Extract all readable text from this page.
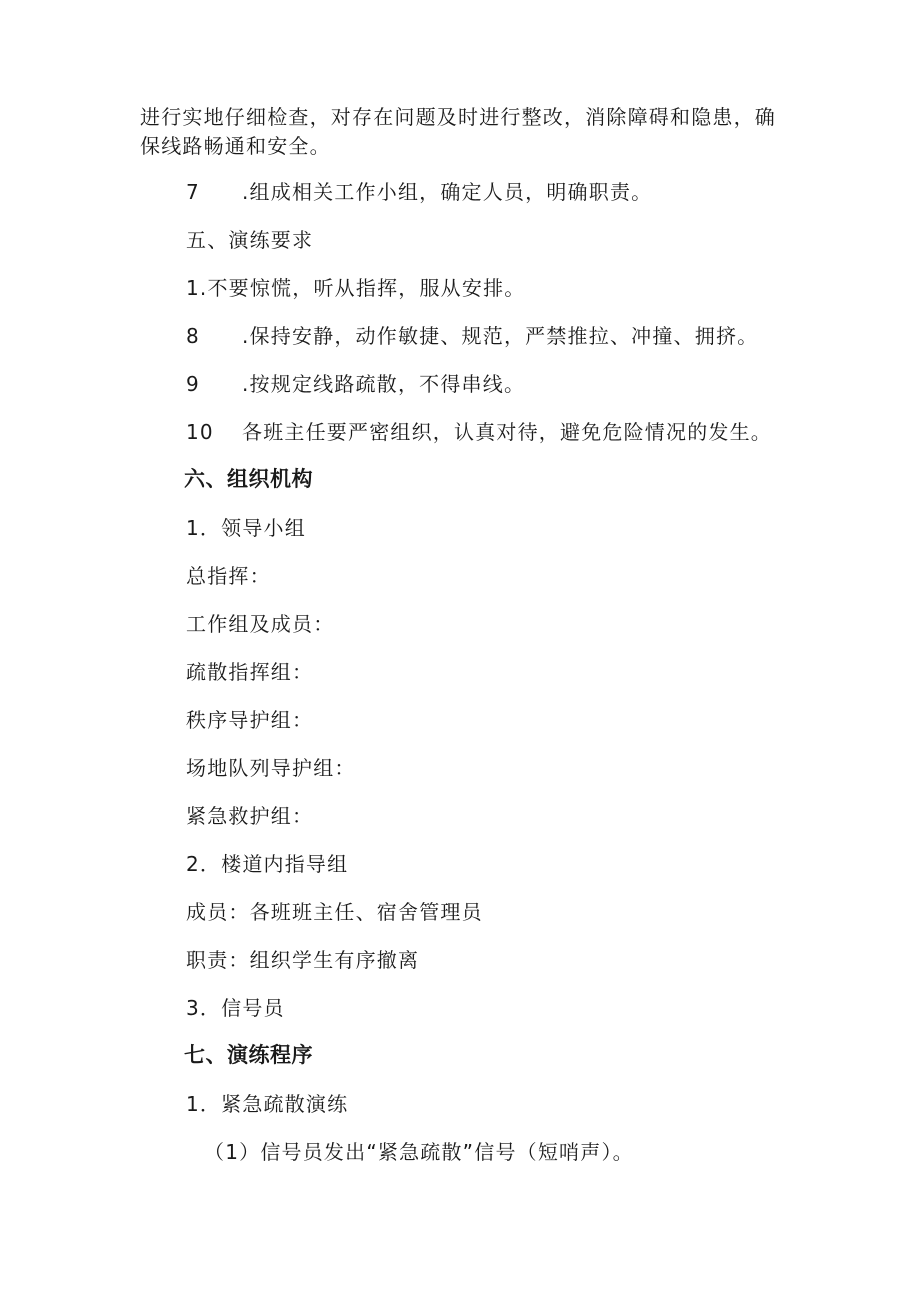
进行实地仔细检查，对存在问题及时进行整改，消除障碍和隐患，确
保线路畅通和安全。
7 .组成相关工作小组，确定人员，明确职责。
五、演练要求
1.不要惊慌，听从指挥，服从安排。
8 .保持安静，动作敏捷、规范，严禁推拉、冲撞、拥挤。
9 .按规定线路疏散，不得串线。
10 各班主任要严密组织，认真对待，避免危险情况的发生。
六、组织机构
1．领导小组
总指挥：
工作组及成员：
疏散指挥组：
秩序导护组：
场地队列导护组：
紧急救护组：
2．楼道内指导组
成员：各班班主任、宿舍管理员
职责：组织学生有序撤离
3．信号员
七、演练程序
1．紧急疏散演练
（1）信号员发出“紧急疏散”信号（短哨声）。
